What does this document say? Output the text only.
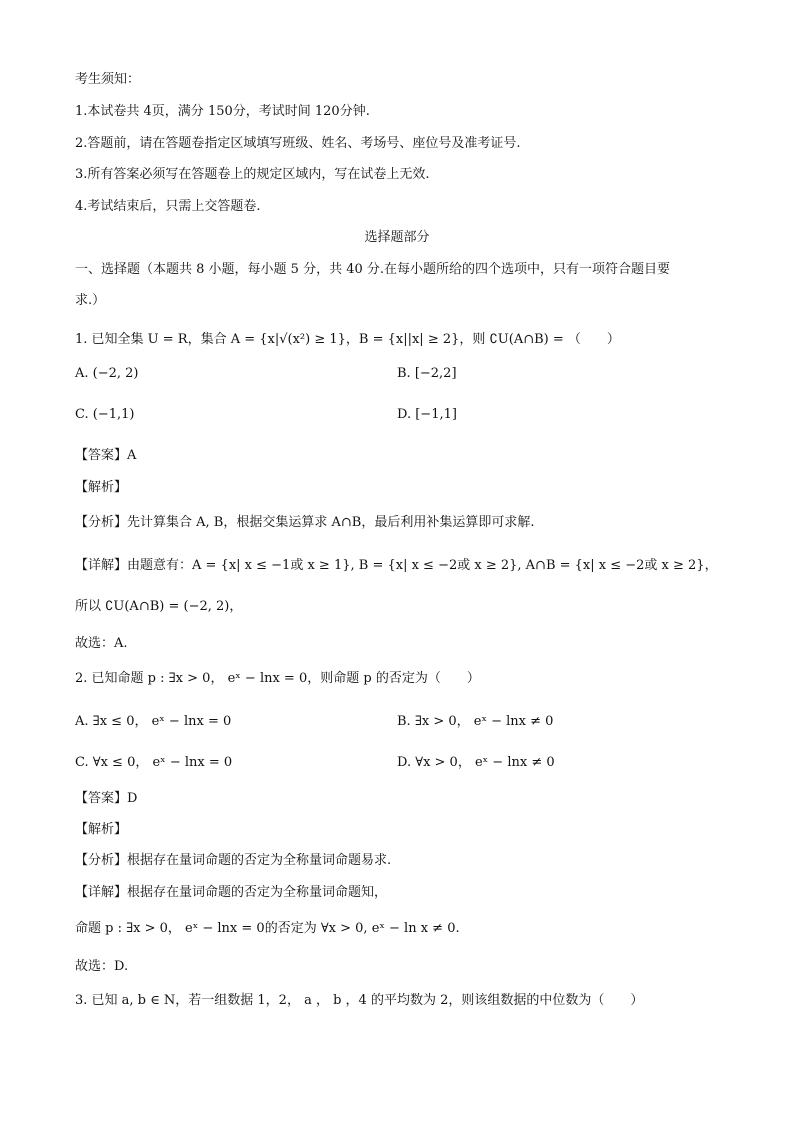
考生须知：
1.本试卷共 4页，满分 150分，考试时间 120分钟.
2.答题前，请在答题卷指定区域填写班级、姓名、考场号、座位号及准考证号.
3.所有答案必须写在答题卷上的规定区域内，写在试卷上无效.
4.考试结束后，只需上交答题卷.
选择题部分
一、选择题（本题共 8 小题，每小题 5 分，共 40 分.在每小题所给的四个选项中，只有一项符合题目要
求.）
1. 已知全集 U = R，集合 A = {x|√(x²) ≥ 1}，B = {x||x| ≥ 2}，则 ∁U(A∩B) = （　　）
A. (−2, 2)	B. [−2,2]
C. (−1,1)	D. [−1,1]
【答案】A
【解析】
【分析】先计算集合 A, B，根据交集运算求 A∩B，最后利用补集运算即可求解.
【详解】由题意有：A = {x| x ≤ −1或 x ≥ 1}, B = {x| x ≤ −2或 x ≥ 2}, A∩B = {x| x ≤ −2或 x ≥ 2}，
所以 ∁U(A∩B) = (−2, 2)，
故选：A.
2. 已知命题 p : ∃x > 0， eˣ − lnx = 0，则命题 p 的否定为（　　）
A. ∃x ≤ 0， eˣ − lnx = 0	B. ∃x > 0， eˣ − lnx ≠ 0
C. ∀x ≤ 0， eˣ − lnx = 0	D. ∀x > 0， eˣ − lnx ≠ 0
【答案】D
【解析】
【分析】根据存在量词命题的否定为全称量词命题易求.
【详解】根据存在量词命题的否定为全称量词命题知，
命题 p : ∃x > 0， eˣ − lnx = 0的否定为 ∀x > 0, eˣ − ln x ≠ 0.
故选：D.
3. 已知 a, b ∈ N，若一组数据 1，2， a ， b ，4 的平均数为 2，则该组数据的中位数为（　　）
